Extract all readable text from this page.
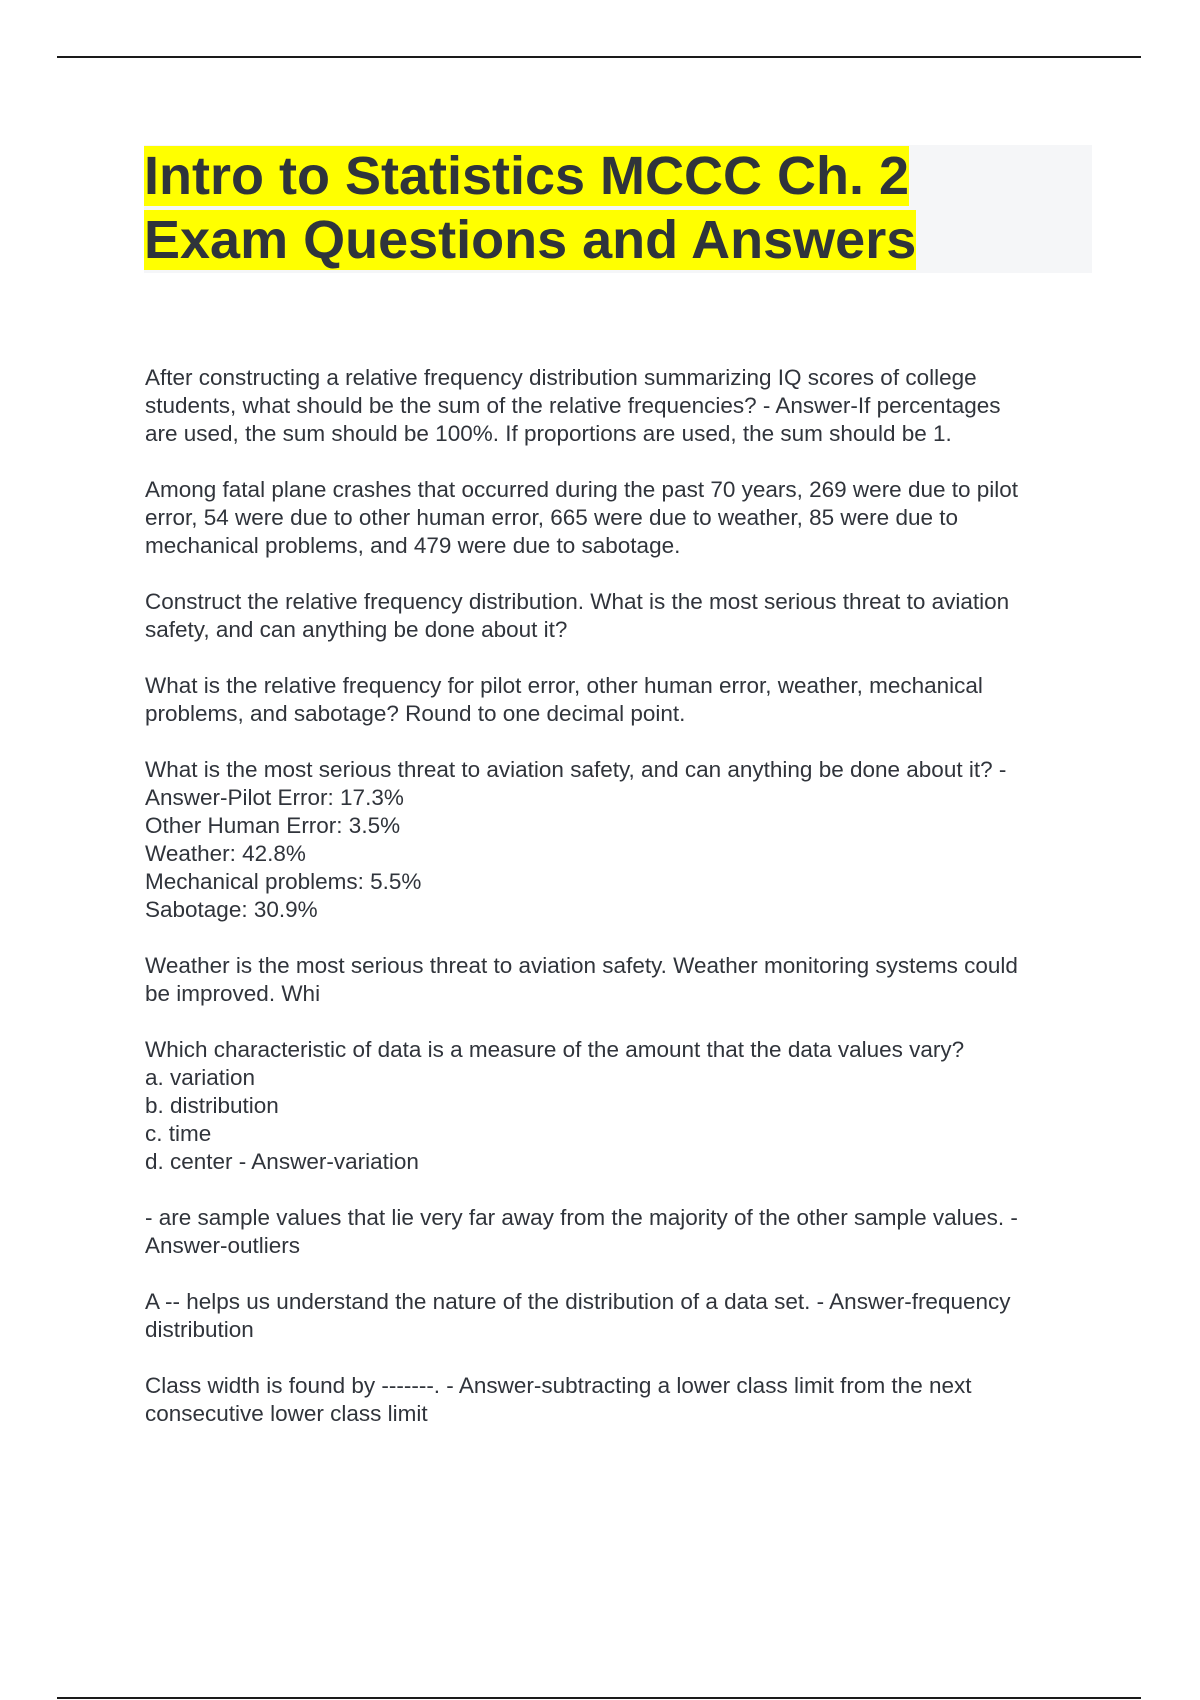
Intro to Statistics MCCC Ch. 2
Exam Questions and Answers

After constructing a relative frequency distribution summarizing IQ scores of college
students, what should be the sum of the relative frequencies? - Answer-If percentages
are used, the sum should be 100%. If proportions are used, the sum should be 1.

Among fatal plane crashes that occurred during the past 70 years, 269 were due to pilot
error, 54 were due to other human error, 665 were due to weather, 85 were due to
mechanical problems, and 479 were due to sabotage.

Construct the relative frequency distribution. What is the most serious threat to aviation
safety, and can anything be done about it?

What is the relative frequency for pilot error, other human error, weather, mechanical
problems, and sabotage? Round to one decimal point.

What is the most serious threat to aviation safety, and can anything be done about it? -
Answer-Pilot Error: 17.3%
Other Human Error: 3.5%
Weather: 42.8%
Mechanical problems: 5.5%
Sabotage: 30.9%

Weather is the most serious threat to aviation safety. Weather monitoring systems could
be improved. Whi

Which characteristic of data is a measure of the amount that the data values vary?
a. variation
b. distribution
c. time
d. center - Answer-variation

- are sample values that lie very far away from the majority of the other sample values. -
Answer-outliers

A -- helps us understand the nature of the distribution of a data set. - Answer-frequency
distribution

Class width is found by -------. - Answer-subtracting a lower class limit from the next
consecutive lower class limit
